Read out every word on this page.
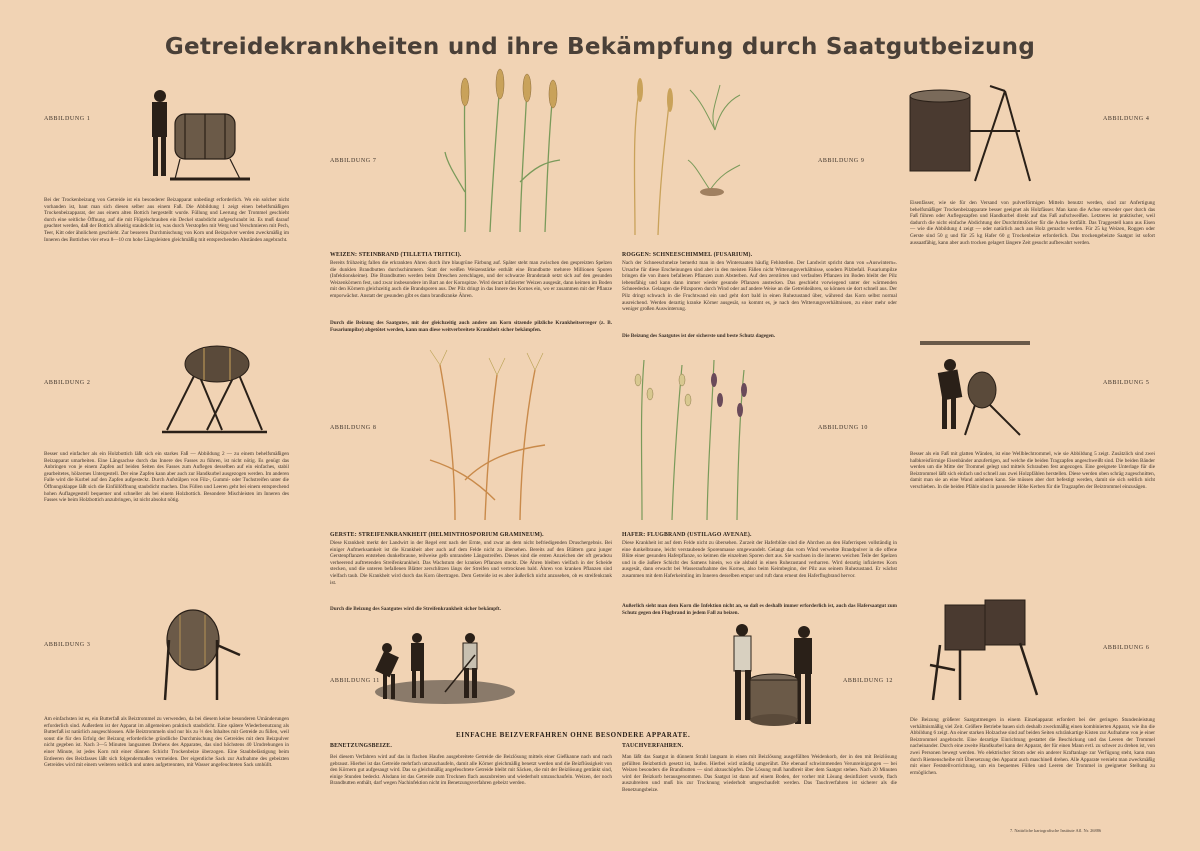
Getreidekrankheiten und ihre Bekämpfung durch Saatgutbeizung
ABBILDUNG 1
Bei der Trockenbeizung von Getreide ist ein besonderer Beizapparat unbedingt erforderlich. Wo ein solcher nicht vorhanden ist, baut man sich diesen selber aus einem Faß. Die Abbildung 1 zeigt einen behelfsmäßigen Trockenbeizapparat, der aus einem alten Bottich hergestellt wurde. Füllung und Leerung der Trommel geschieht durch eine seitliche Öffnung, auf die mit Flügelschrauben ein Deckel staubdicht aufgeschraubt ist. Es muß darauf geachtet werden, daß der Bottich allseitig staubdicht ist, was durch Verstopfen mit Werg und Verschmieren mit Pech, Teer, Kitt oder ähnlichem geschieht. Zur besseren Durchmischung von Korn und Beizpulver werden zweckmäßig im Inneren des Bottiches vier etwa 8—10 cm hohe Längsleisten gleichmäßig mit entsprechenden Abständen angebracht.
ABBILDUNG 2
Besser und einfacher als ein Holzbottich läßt sich ein starkes Faß — Abbildung 2 — zu einem behelfsmäßigen Beizapparat umarbeiten. Eine Längsachse durch das Innere des Fasses zu führen, ist nicht nötig. Es genügt das Anbringen von je einem Zapfen auf beiden Seiten des Fasses zum Auflegen desselben auf ein einfaches, stabil gearbeitetes, hölzernes Untergestell. Der eine Zapfen kann aber auch zur Handkurbel ausgezogen werden. Im anderen Falle wird die Kurbel auf den Zapfen aufgesteckt. Durch Aufstülpen von Filz-, Gummi- oder Tuchstreifen unter die Öffnungsklappe läßt sich die Einfüllöffnung staubdicht machen. Das Füllen und Leeren geht bei einem entsprechend hohen Auflagegestell bequemer und schneller als bei einem Holzbottich. Besondere Mischleisten im Inneren des Fasses wie beim Holzbottich anzubringen, ist nicht absolut nötig.
ABBILDUNG 3
Am einfachsten ist es, ein Butterfaß als Beiztrommel zu verwenden, da bei diesem keine besonderen Umänderungen erforderlich sind. Außerdem ist der Apparat im allgemeinen praktisch staubdicht. Eine spätere Wiederbenutzung als Butterfaß ist natürlich ausgeschlossen. Alle Beiztrommeln sind nur bis zu ⅔ des Inhaltes mit Getreide zu füllen, weil sonst die für den Erfolg der Beizung erforderliche gründliche Durchmischung des Getreides mit dem Beizpulver nicht gegeben ist. Nach 3—5 Minuten langsamen Drehens des Apparates, das sind höchstens 40 Umdrehungen in einer Minute, ist jedes Korn mit einer dünnen Schicht Trockenbeize überzogen. Eine Staubbelästigung beim Entleeren des Beizfasses läßt sich folgendermaßen vermeiden. Der eigentliche Sack zur Aufnahme des gebeizten Getreides wird mit einem weiteren seitlich und unten aufgetrennten, mit Wasser angefeuchteten Sack umhüllt.
ABBILDUNG 7
WEIZEN: STEINBRAND (TILLETIA TRITICI).
Bereits frühzeitig fallen die erkrankten Ähren durch ihre blaugrüne Färbung auf. Später steht man zwischen den gespreizten Spelzen die dunklen Brandbutten durchschimmern. Statt der weißen Weizenstärke enthält eine Brandbutte mehrere Millionen Sporen (Infektionskeime). Die Brandbutten werden beim Dreschen zerschlagen, und der schwarze Brandstaub setzt sich auf den gesunden Weizenkörnern fest, und zwar insbesondere im Bart an der Kornspitze. Wird derart infizierter Weizen ausgesät, dann keimen im Boden mit den Körnern gleichzeitig auch die Brandsporen aus. Der Pilz dringt in das Innere des Kornes ein, wo er zusammen mit der Pflanze emporwächst. Anstatt der gesunden gibt es dann brandkranke Ähren.
Durch die Beizung des Saatgutes, mit der gleichzeitig auch andere am Korn sitzende pilzliche Krankheitserreger (z. B. Fusariumpilze) abgetötet werden, kann man diese weitverbreitete Krankheit sicher bekämpfen.
ABBILDUNG 8
GERSTE: STREIFENKRANKHEIT (HELMINTHOSPORIUM GRAMINEUM).
Diese Krankheit merkt der Landwirt in der Regel erst nach der Ernte, und zwar an dem nicht befriedigenden Druschergebnis. Bei einiger Aufmerksamkeit ist die Krankheit aber auch auf dem Felde nicht zu übersehen. Bereits auf den Blättern ganz junger Gerstenpflanzen entstehen dunkelbraune, teilweise gelb umrandete Längsstreifen. Dieses sind die ersten Anzeichen der oft geradezu verheerend auftretenden Streifenkrankheit. Das Wachstum der kranken Pflanzen stockt. Die Ähren bleiben vielfach in der Scheide stecken, und die unteren befallenen Blätter zerschlitzen längs der Streifen und vertrocknen bald. Ähren von kranken Pflanzen sind vielfach taub. Die Krankheit wird durch das Korn übertragen. Dem Getreide ist es aber äußerlich nicht anzusehen, ob es streifenkrank ist.
Durch die Beizung des Saatgutes wird die Streifenkrankheit sicher bekämpft.
ABBILDUNG 9
ROGGEN: SCHNEESCHIMMEL (FUSARIUM).
Nach der Schneeschmelze bemerkt man in den Wintersaaten häufig Fehlstellen. Der Landwirt spricht dann von »Auswintern«. Ursache für diese Erscheinungen sind aber in den meisten Fällen nicht Witterungsverhältnisse, sondern Pilzbefall. Fusariumpilze bringen die von ihnen befallenen Pflanzen zum Absterben. Auf den zerstörten und verfaulten Pflanzen im Boden bleibt der Pilz lebensfähig und kann dann immer wieder gesunde Pflanzen anstecken. Das geschieht vorwiegend unter der wärmenden Schneedecke. Gelangen die Pilzsporen durch Wind oder auf andere Weise an die Getreideähren, so können sie dort schnell aus. Der Pilz dringt schwach in die Fruchtwand ein und geht dort bald in einen Ruhezustand über, während das Korn selbst normal ausreichend. Werden derartig kranke Körner ausgesät, so kommt es, je nach den Witterungsverhältnissen, zu einer mehr oder weniger großen Auswinterung.
Die Beizung des Saatgutes ist der sicherste und beste Schutz dagegen.
ABBILDUNG 10
HAFER: FLUGBRAND (USTILAGO AVENAE).
Diese Krankheit ist auf dem Felde nicht zu übersehen. Zurzeit der Haferblüte sind die Ährchen an den Haferrispen vollständig in eine dunkelbraune, leicht verstaubende Sporenmasse umgewandelt. Gelangt das vom Wind verwehte Brandpulver in die offene Blüte einer gesunden Haferpflanze, so keimen die einzelnen Sporen dort aus. Sie wachsen in die inneren weichen Teile der Spelzen und in die äußere Schicht des Samens hinein, wo sie alsbald in einen Ruhezustand verharren. Wird derartig infiziertes Korn ausgesät, dann erwacht bei Wasseraufnahme des Kornes, also beim Keimbeginn, der Pilz aus seinem Ruhezustand. Er wächst zusammen mit dem Haferkeimling im Inneren desselben empor und ruft dann erneut den Haferflugbrand hervor.
Äußerlich sieht man dem Korn die Infektion nicht an, so daß es deshalb immer erforderlich ist, auch das Hafersaatgut zum Schutz gegen den Flugbrand in jedem Fall zu beizen.
ABBILDUNG 4
Eisenfässer, wie sie für den Versand von pulverförmigen Mitteln benutzt werden, sind zur Anfertigung behelfsmäßiger Trockenbeizapparate besser geeignet als Holzfässer. Man kann die Achse entweder quer durch das Faß führen oder Auflegezapfen und Handkurbel direkt auf das Faß aufschweißen. Letzteres ist praktischer, weil dadurch die nicht einfache Abdichtung der Durchtrittslöcher für die Achse fortfällt. Das Traggestell kann aus Eisen — wie die Abbildung 4 zeigt — oder natürlich auch aus Holz gemacht werden. Für 25 kg Weizen, Roggen oder Gerste sind 50 g und für 25 kg Hafer 60 g Trockenbeize erforderlich. Das trockengebeizte Saatgut ist sofort aussaatfähig, kann aber auch trocken gelagert längere Zeit gesucht aufbewahrt werden.
ABBILDUNG 5
Besser als ein Faß mit glatten Wänden, ist eine Wellblechtrommel, wie sie Abbildung 5 zeigt. Zusätzlich sind zwei halbkreisförmige Eisenbänder anzufertigen, auf welche die beiden Tragzapfen angeschweißt sind. Die beiden Bänder werden um die Mitte der Trommel gelegt und mittels Schrauben fest angezogen. Eine geeignete Unterlage für die Beiztrommel läßt sich einfach und schnell aus zwei Holzpfählen herstellen. Diese werden oben schräg zugeschnitten, damit man sie an eine Wand anlehnen kann. Sie müssen aber dort befestigt werden, damit sie sich seitlich nicht verschieben. In die beiden Pfähle sind in passender Höhe Kerben für die Tragzapfen der Beiztrommel einzusägen.
ABBILDUNG 6
Die Beizung größerer Saatgutmengen in einem Einzelapparat erfordert bei der geringen Stundenleistung verhältnismäßig viel Zeit. Größere Betriebe bauen sich deshalb zweckmäßig einen kombinierten Apparat, wie ihn die Abbildung 6 zeigt. An einer starken Holzachse sind auf beiden Seiten schränkartige Kisten zur Aufnahme von je einer Beiztrommel angebracht. Eine derartige Einrichtung gestattet die Beschickung und das Leeren der Trommel nacheinander. Durch eine zweite Handkurbel kann der Apparat, der für einen Mann evtl. zu schwer zu drehen ist, von zwei Personen bewegt werden. Wo elektrischer Strom oder ein anderer Kraftanlage zur Verfügung steht, kann man durch Riemenscheibe mit Übersetzung den Apparat auch maschinell drehen. Alle Apparate versieht man zweckmäßig mit einer Feststellvorrichtung, um ein bequemes Füllen und Leeren der Trommel in geeigneter Stellung zu ermöglichen.
ABBILDUNG 11	ABBILDUNG 12
EINFACHE BEIZVERFAHREN OHNE BESONDERE APPARATE.
BENETZUNGSBEIZE.
Bei diesem Verfahren wird auf das in flachen Haufen ausgebreitete Getreide die Beizlösung mittels einer Gießkanne nach und nach gebraust. Hierbei ist das Getreide mehrfach umzuschaufeln, damit alle Körner gleichmäßig benetzt werden und die Beizflüssigkeit von den Körnern gut aufgesaugt wird. Das so gleichmäßig angefeuchtete Getreide bleibt mit Säcken, die mit der Beizlösung getränkt sind, einige Stunden bedeckt. Alsdann ist das Getreide zum Trocknen flach auszubreiten und wiederholt umzuschaufeln. Weizen, der noch Brandbutten enthält, darf wegen Nachinfektion nicht im Benetzungsverfahren gebeizt werden.
TAUCHVERFAHREN.
Man läßt das Saatgut in dünnem Strahl langsam in einen mit Beizlösung ausgefüllten Weidenkorb, der in den mit Beizlösung gefüllten Beizbottich gesetzt ist, laufen. Hierbei wird ständig umgerührt. Die ebenauf schwimmenden Verunreinigungen — bei Weizen besonders die Brandbutten — sind abzuschöpfen. Die Lösung muß handbreit über dem Saatgut stehen. Nach 20 Minuten wird der Beizkorb herausgenommen. Das Saatgut ist dann auf einem Boden, der vorher mit Lösung desinfiziert wurde, flach auszubreiten und muß bis zur Trocknung wiederholt umgeschaufelt werden. Das Tauchverfahren ist sicherer als die Benetzungsbeize.
7. Natürliche kartografische Institute Afl. Nr. 26886
